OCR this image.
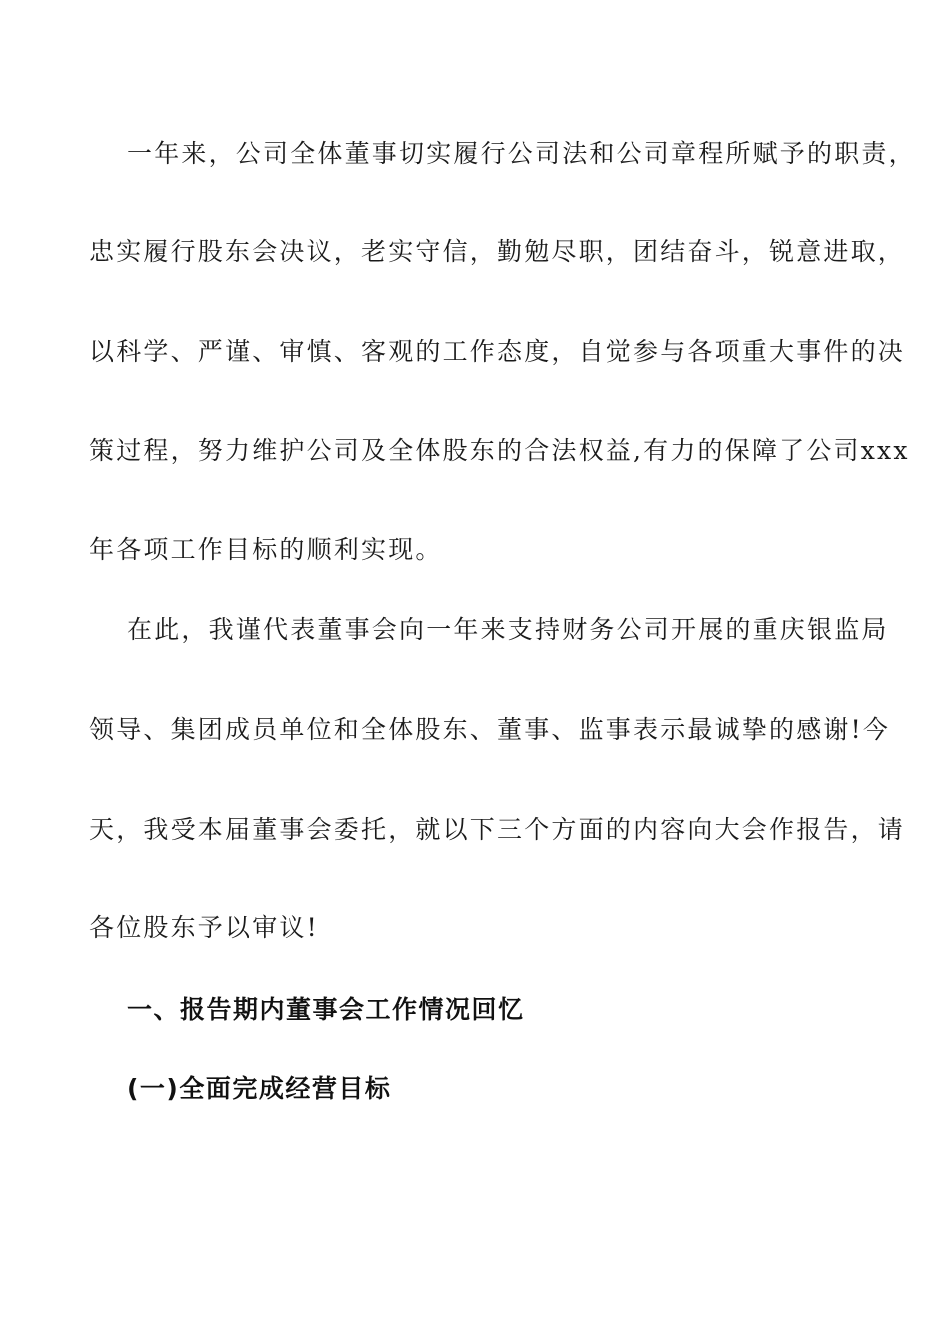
一年来，公司全体董事切实履行公司法和公司章程所赋予的职责，
忠实履行股东会决议，老实守信，勤勉尽职，团结奋斗，锐意进取，
以科学、严谨、审慎、客观的工作态度，自觉参与各项重大事件的决
策过程，努力维护公司及全体股东的合法权益,有力的保障了公司xxx
年各项工作目标的顺利实现。
在此，我谨代表董事会向一年来支持财务公司开展的重庆银监局
领导、集团成员单位和全体股东、董事、监事表示最诚挚的感谢!今
天，我受本届董事会委托，就以下三个方面的内容向大会作报告，请
各位股东予以审议!
一、报告期内董事会工作情况回忆
(一)全面完成经营目标
